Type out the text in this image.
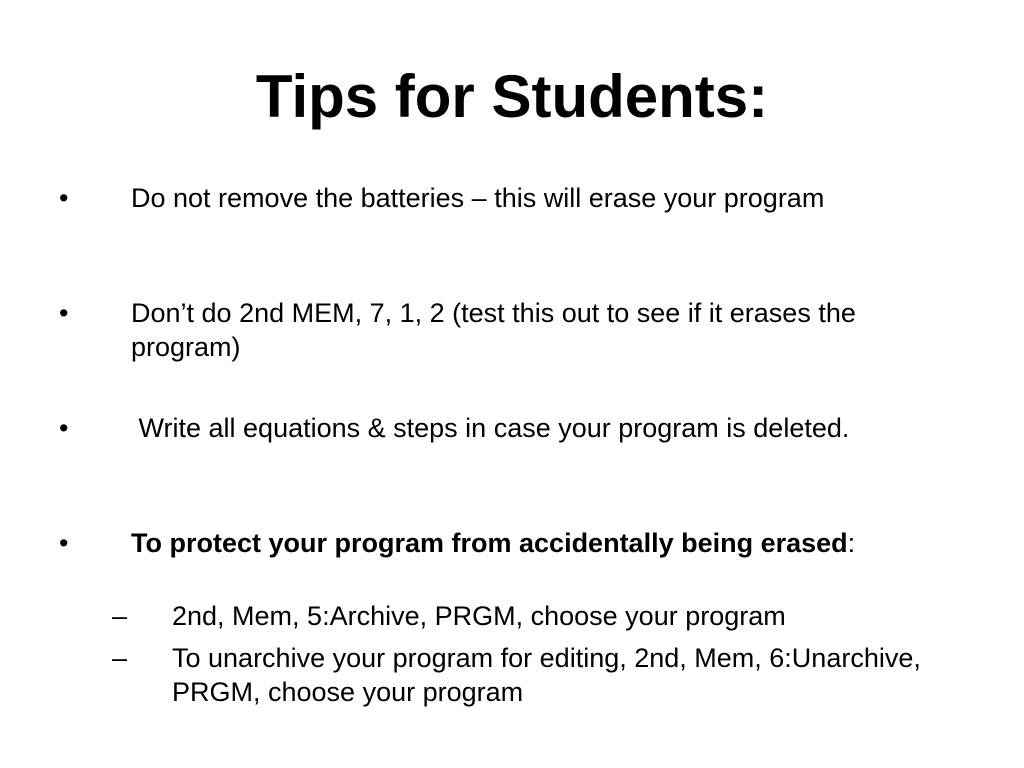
Tips for Students:
• Do not remove the batteries – this will erase your program
• Don’t do 2nd MEM, 7, 1, 2 (test this out to see if it erases the program)
• Write all equations & steps in case your program is deleted.
• To protect your program from accidentally being erased:
– 2nd, Mem, 5:Archive, PRGM, choose your program
– To unarchive your program for editing, 2nd, Mem, 6:Unarchive, PRGM, choose your program
